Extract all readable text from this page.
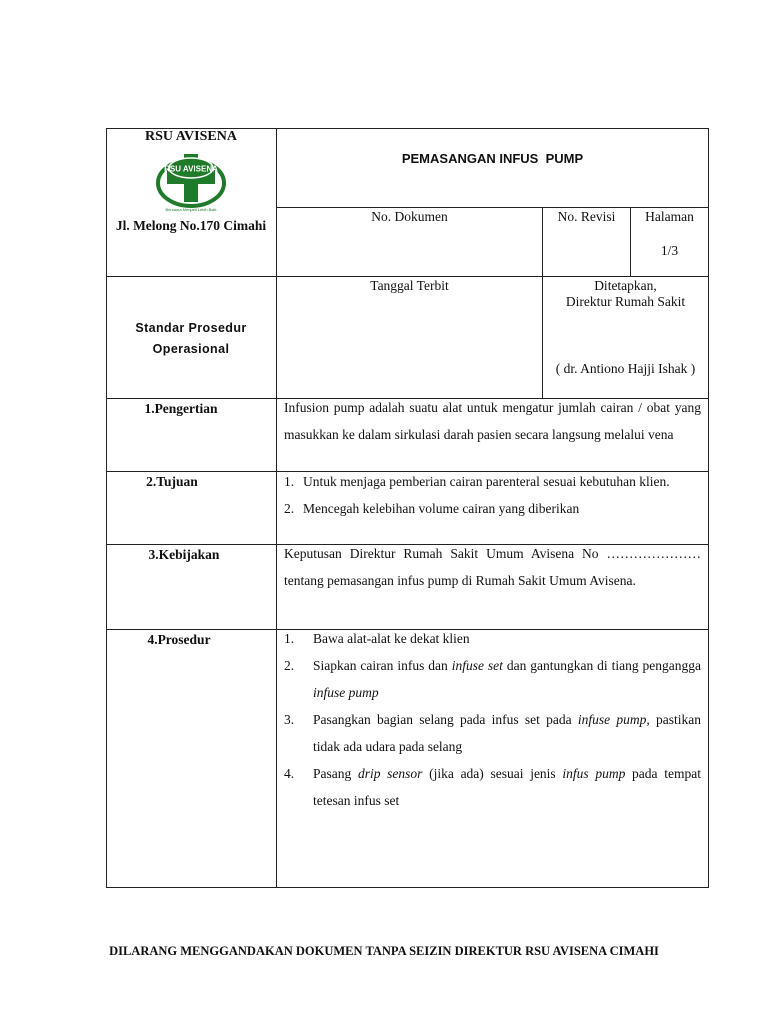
RSU AVISENA
RSU AVISENA
Bersama Menjadi Lebih Baik
Jl. Melong No.170 Cimahi
PEMASANGAN INFUS  PUMP
No. Dokumen	No. Revisi	Halaman
1/3
Standar Prosedur
Operasional
Tanggal Terbit	Ditetapkan,
Direktur Rumah Sakit
( dr. Antiono Hajji Ishak )
1.Pengertian	Infusion pump adalah suatu alat untuk mengatur jumlah cairan / obat yang masukkan ke dalam sirkulasi darah pasien secara langsung melalui vena
2.Tujuan	1. Untuk menjaga pemberian cairan parenteral sesuai kebutuhan klien.
2. Mencegah kelebihan volume cairan yang diberikan
3.Kebijakan	Keputusan Direktur Rumah Sakit Umum Avisena No …………………tentang pemasangan infus pump di Rumah Sakit Umum Avisena.
4.Prosedur	1. Bawa alat-alat ke dekat klien
2. Siapkan cairan infus dan infuse set dan gantungkan di tiang pengangga infuse pump
3. Pasangkan bagian selang pada infus set pada infuse pump, pastikan tidak ada udara pada selang
4. Pasang drip sensor (jika ada) sesuai jenis infus pump pada tempat tetesan infus set
DILARANG MENGGANDAKAN DOKUMEN TANPA SEIZIN DIREKTUR RSU AVISENA CIMAHI
